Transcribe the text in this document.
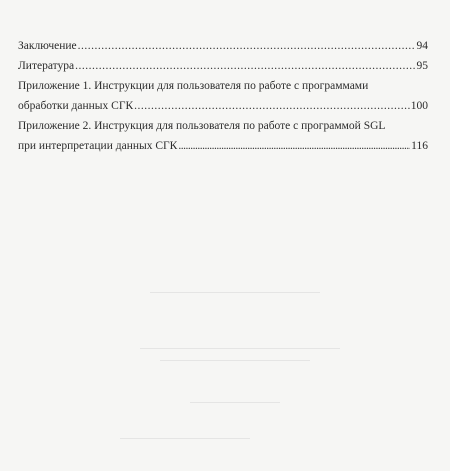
Заключение .....	94
Литература .....	95
Приложение 1. Инструкции для пользователя по работе с программами
обработки данных СГК .....	100
Приложение 2. Инструкция для пользователя по работе с программой SGL
при интерпретации данных СГК .....	116
